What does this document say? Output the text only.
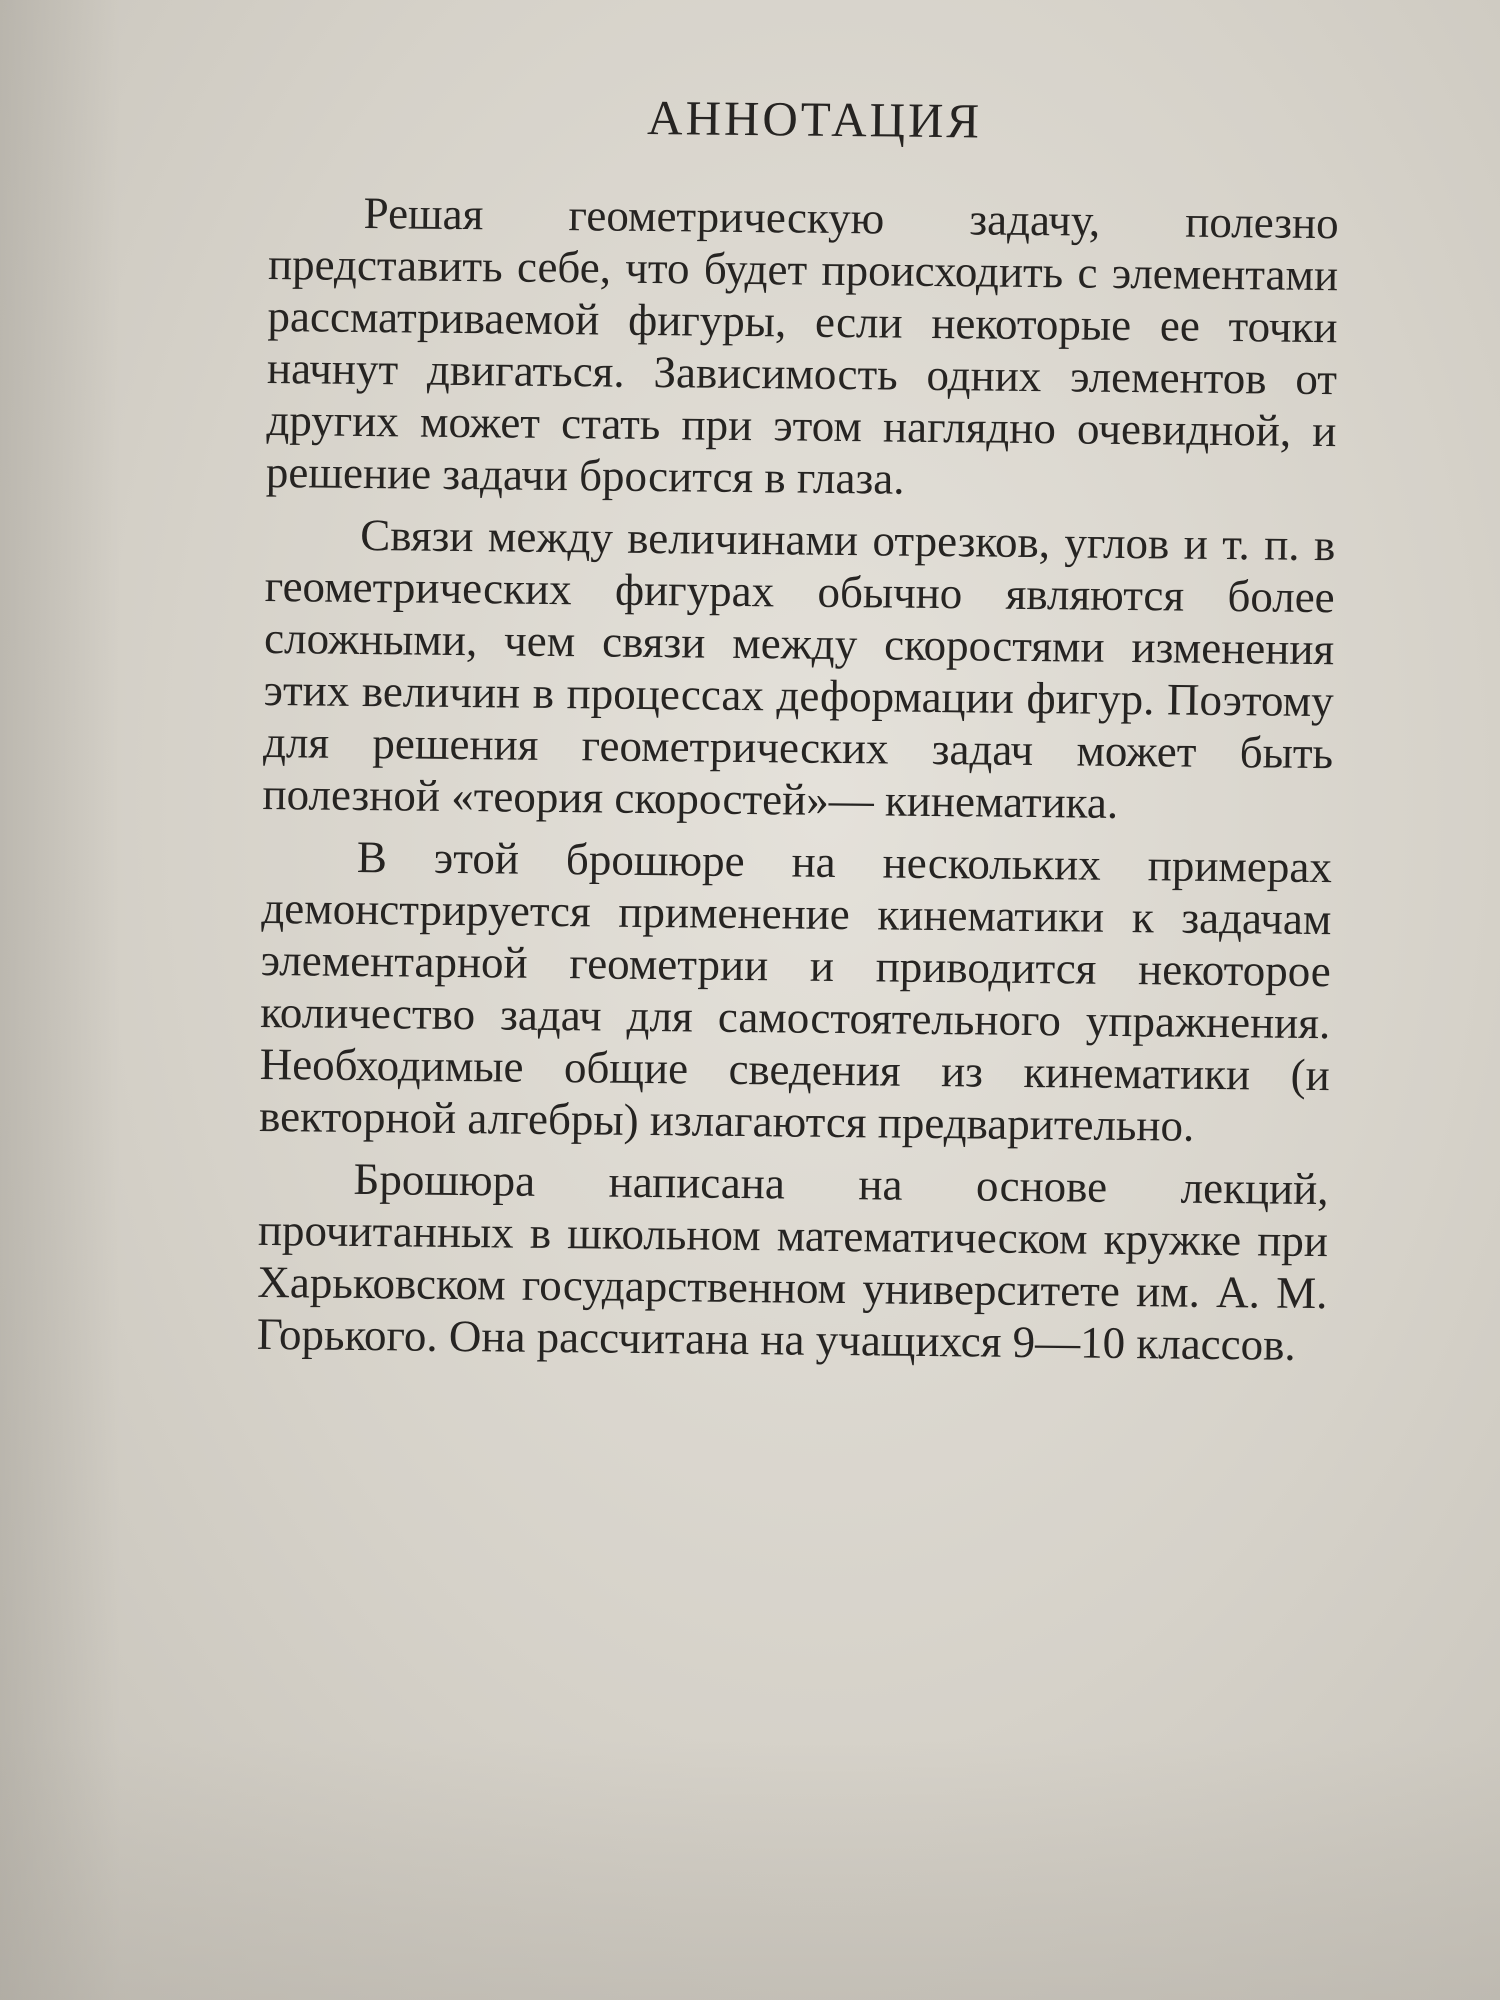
АННОТАЦИЯ

Решая геометрическую задачу, полезно представить себе, что будет происходить с элементами рассматриваемой фигуры, если некоторые ее точки начнут двигаться. Зависимость одних элементов от других может стать при этом наглядно очевидной, и решение задачи бросится в глаза.

Связи между величинами отрезков, углов и т. п. в геометрических фигурах обычно являются более сложными, чем связи между скоростями изменения этих величин в процессах деформации фигур. Поэтому для решения геометрических задач может быть полезной «теория скоростей»— кинематика.

В этой брошюре на нескольких примерах демонстрируется применение кинематики к задачам элементарной геометрии и приводится некоторое количество задач для самостоятельного упражнения. Необходимые общие сведения из кинематики (и векторной алгебры) излагаются предварительно.

Брошюра написана на основе лекций, прочитанных в школьном математическом кружке при Харьковском государственном университете им. А. М. Горького. Она рассчитана на учащихся 9—10 классов.
